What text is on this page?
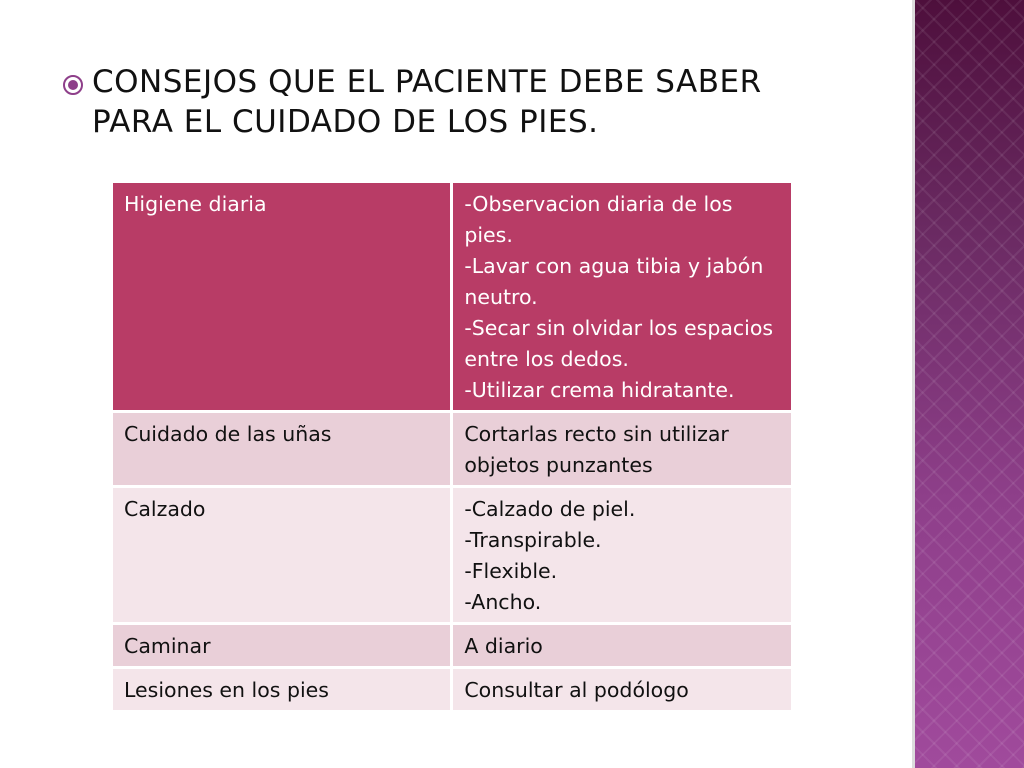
CONSEJOS QUE EL PACIENTE DEBE SABER
PARA EL CUIDADO DE LOS PIES.
Higiene diaria	-Observacion diaria de los pies.
-Lavar con agua tibia y jabón neutro.
-Secar sin olvidar los espacios entre los dedos.
-Utilizar crema hidratante.

Cuidado de las uñas	Cortarlas recto sin utilizar objetos punzantes

Calzado	-Calzado de piel.
-Transpirable.
-Flexible.
-Ancho.

Caminar	A diario

Lesiones en los pies	Consultar al podólogo
